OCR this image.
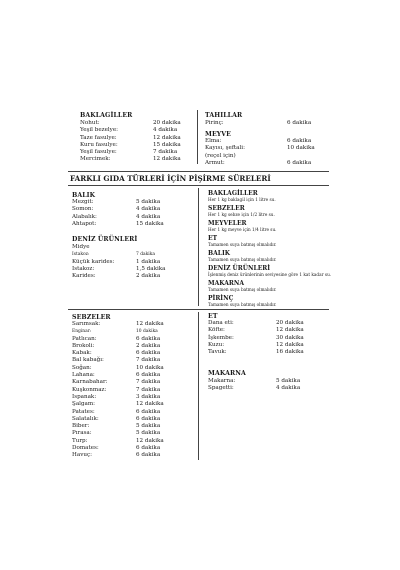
BAKLAGİLLER
Nohut:	20 dakika
Yeşil bezelye:	4 dakika
Taze fasulye:	12 dakika
Kuru fasulye:	15 dakika
Yeşil fasulye:	7 dakika
Mercimek:	12 dakika
TAHILLAR
Pirinç:	6 dakika
MEYVE
Elma:	6 dakika
Kayısı, şeftali:	10 dakika
(reçel için)
Armut:	6 dakika
FARKLI GIDA TÜRLERİ İÇİN PİŞİRME SÜRELERİ
BALIK
Mezgit:	5 dakika
Somon:	4 dakika
Alabalık:	4 dakika
Ahtapot:	15 dakika
DENİZ ÜRÜNLERİ
Midye
Istakoz:	7 dakika
Küçük karides:	1 dakika
Istakoz:	1,5 dakika
Karides:	2 dakika
BAKLAGİLLER
Her 1 kg baklagil için 1 litre su.
SEBZELER
Her 1 kg sebze için 1/2 litre su.
MEYVELER
Her 1 kg meyve için 1/4 litre su.
ET
Tamamen suya batmış olmalıdır.
BALIK
Tamamen suya batmış olmalıdır.
DENİZ ÜRÜNLERİ
İşlenmiş deniz ürünlerinin seviyesine göre 1 kat kadar su.
MAKARNA
Tamamen suya batmış olmalıdır.
PİRİNÇ
Tamamen suya batmış olmalıdır.
SEBZELER
Sarımsak:	12 dakika
Enginar:	10 dakika
Patlıcan:	6 dakika
Brokoli:	2 dakika
Kabak:	6 dakika
Bal kabağı:	7 dakika
Soğan:	10 dakika
Lahana:	6 dakika
Karnabahar:	7 dakika
Kuşkonmaz:	7 dakika
Ispanak:	3 dakika
Şalgam:	12 dakika
Patates:	6 dakika
Salatalık:	6 dakika
Biber:	5 dakika
Pırasa:	5 dakika
Turp:	12 dakika
Domates:	6 dakika
Havuç:	6 dakika
ET
Dana eti:	20 dakika
Köfte:	12 dakika
İşkembe:	30 dakika
Kuzu:	12 dakika
Tavuk:	16 dakika
MAKARNA
Makarna:	5 dakika
Spagetti:	4 dakika
